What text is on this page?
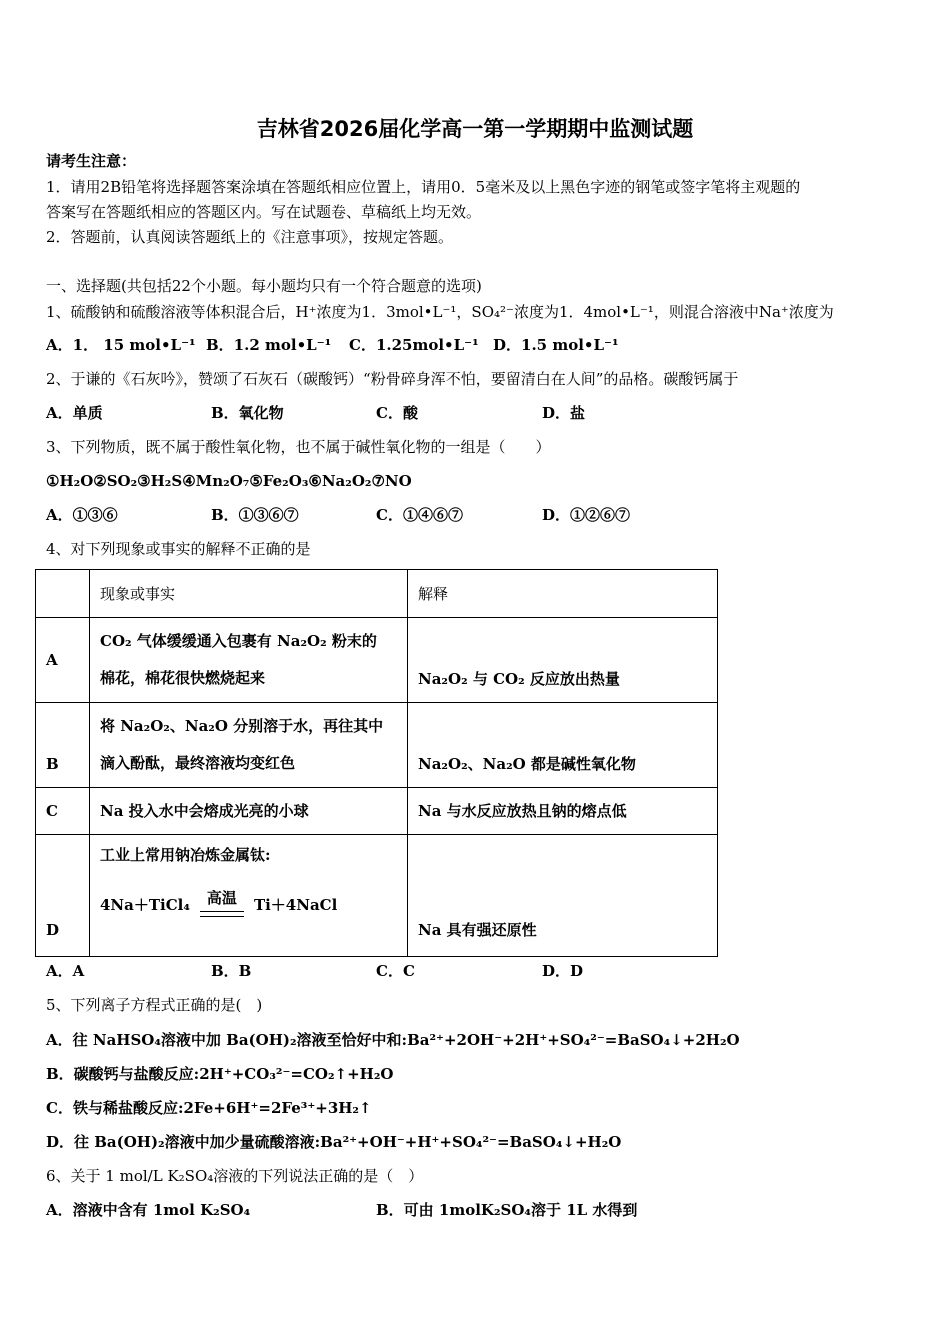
吉林省2026届化学高一第一学期期中监测试题
请考生注意：
1．请用2B铅笔将选择题答案涂填在答题纸相应位置上，请用0．5毫米及以上黑色字迹的钢笔或签字笔将主观题的
答案写在答题纸相应的答题区内。写在试题卷、草稿纸上均无效。
2．答题前，认真阅读答题纸上的《注意事项》，按规定答题。
一、选择题(共包括22个小题。每小题均只有一个符合题意的选项)
1、硫酸钠和硫酸溶液等体积混合后，H⁺浓度为1．3mol•L⁻¹，SO₄²⁻浓度为1．4mol•L⁻¹，则混合溶液中Na⁺浓度为
A．1． 15 mol•L⁻¹ B．1.2 mol•L⁻¹ C．1.25mol•L⁻¹ D．1.5 mol•L⁻¹
2、于谦的《石灰吟》，赞颂了石灰石（碳酸钙）“粉骨碎身浑不怕，要留清白在人间”的品格。碳酸钙属于
A．单质	B．氧化物	C．酸	D．盐
3、下列物质，既不属于酸性氧化物，也不属于碱性氧化物的一组是（　　）
①H₂O②SO₂③H₂S④Mn₂O₇⑤Fe₂O₃⑥Na₂O₂⑦NO
A．①③⑥	B．①③⑥⑦	C．①④⑥⑦	D．①②⑥⑦
4、对下列现象或事实的解释不正确的是
	现象或事实	解释
A	CO₂ 气体缓缓通入包裹有 Na₂O₂ 粉末的
棉花，棉花很快燃烧起来	Na₂O₂ 与 CO₂ 反应放出热量
B	将 Na₂O₂、Na₂O 分别溶于水，再往其中
滴入酚酞，最终溶液均变红色	Na₂O₂、Na₂O 都是碱性氧化物
C	Na 投入水中会熔成光亮的小球	Na 与水反应放热且钠的熔点低
D	工业上常用钠冶炼金属钛:
4Na＋TiCl₄ 高温 Ti＋4NaCl	Na 具有强还原性
A．A	B．B	C．C	D．D
5、下列离子方程式正确的是(　)
A．往 NaHSO₄溶液中加 Ba(OH)₂溶液至恰好中和:Ba²⁺+2OH⁻+2H⁺+SO₄²⁻=BaSO₄↓+2H₂O
B．碳酸钙与盐酸反应:2H⁺+CO₃²⁻=CO₂↑+H₂O
C．铁与稀盐酸反应:2Fe+6H⁺=2Fe³⁺+3H₂↑
D．往 Ba(OH)₂溶液中加少量硫酸溶液:Ba²⁺+OH⁻+H⁺+SO₄²⁻=BaSO₄↓+H₂O
6、关于 1 mol/L K₂SO₄溶液的下列说法正确的是（　）
A．溶液中含有 1mol K₂SO₄	B．可由 1molK₂SO₄溶于 1L 水得到
